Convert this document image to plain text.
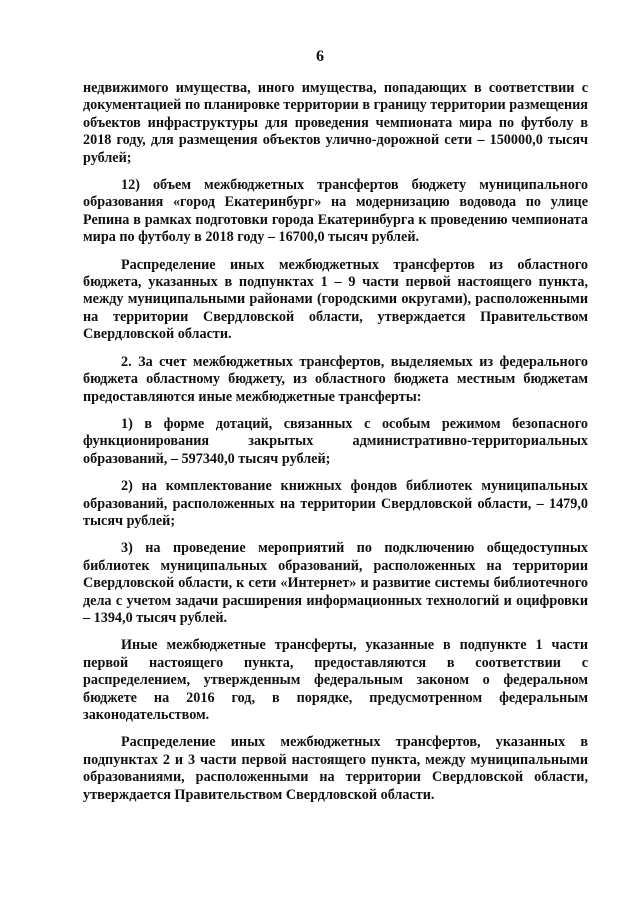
6

недвижимого имущества, иного имущества, попадающих в соответствии с документацией по планировке территории в границу территории размещения объектов инфраструктуры для проведения чемпионата мира по футболу в 2018 году, для размещения объектов улично-дорожной сети – 150000,0 тысяч рублей;

12) объем межбюджетных трансфертов бюджету муниципального образования «город Екатеринбург» на модернизацию водовода по улице Репина в рамках подготовки города Екатеринбурга к проведению чемпионата мира по футболу в 2018 году – 16700,0 тысяч рублей.

Распределение иных межбюджетных трансфертов из областного бюджета, указанных в подпунктах 1 – 9 части первой настоящего пункта, между муниципальными районами (городскими округами), расположенными на территории Свердловской области, утверждается Правительством Свердловской области.

2. За счет межбюджетных трансфертов, выделяемых из федерального бюджета областному бюджету, из областного бюджета местным бюджетам предоставляются иные межбюджетные трансферты:

1) в форме дотаций, связанных с особым режимом безопасного функционирования закрытых административно-территориальных образований, – 597340,0 тысяч рублей;

2) на комплектование книжных фондов библиотек муниципальных образований, расположенных на территории Свердловской области, – 1479,0 тысяч рублей;

3) на проведение мероприятий по подключению общедоступных библиотек муниципальных образований, расположенных на территории Свердловской области, к сети «Интернет» и развитие системы библиотечного дела с учетом задачи расширения информационных технологий и оцифровки – 1394,0 тысяч рублей.

Иные межбюджетные трансферты, указанные в подпункте 1 части первой настоящего пункта, предоставляются в соответствии с распределением, утвержденным федеральным законом о федеральном бюджете на 2016 год, в порядке, предусмотренном федеральным законодательством.

Распределение иных межбюджетных трансфертов, указанных в подпунктах 2 и 3 части первой настоящего пункта, между муниципальными образованиями, расположенными на территории Свердловской области, утверждается Правительством Свердловской области.
